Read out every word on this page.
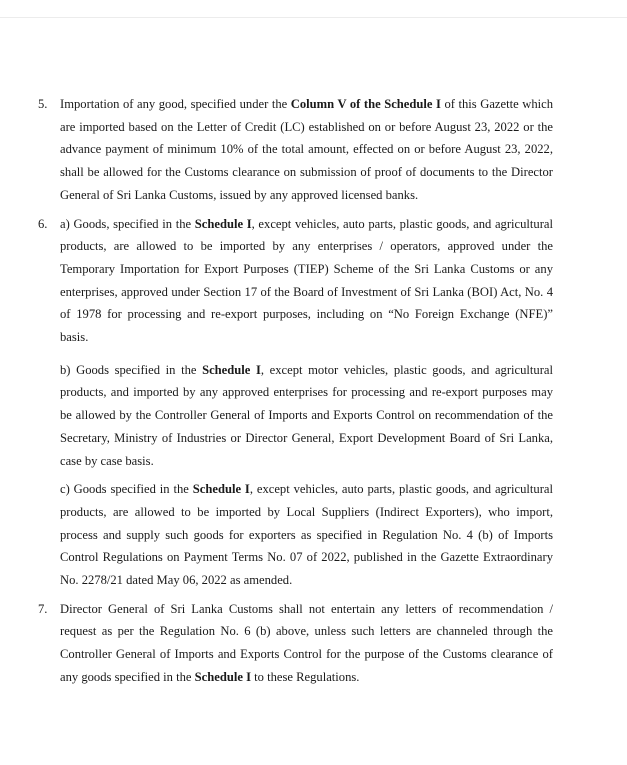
5. Importation of any good, specified under the Column V of the Schedule I of this Gazette which are imported based on the Letter of Credit (LC) established on or before August 23, 2022 or the advance payment of minimum 10% of the total amount, effected on or before August 23, 2022, shall be allowed for the Customs clearance on submission of proof of documents to the Director General of Sri Lanka Customs, issued by any approved licensed banks.
6. a) Goods, specified in the Schedule I, except vehicles, auto parts, plastic goods, and agricultural products, are allowed to be imported by any enterprises / operators, approved under the Temporary Importation for Export Purposes (TIEP) Scheme of the Sri Lanka Customs or any enterprises, approved under Section 17 of the Board of Investment of Sri Lanka (BOI) Act, No. 4 of 1978 for processing and re-export purposes, including on “No Foreign Exchange (NFE)” basis.

b) Goods specified in the Schedule I, except motor vehicles, plastic goods, and agricultural products, and imported by any approved enterprises for processing and re-export purposes may be allowed by the Controller General of Imports and Exports Control on recommendation of the Secretary, Ministry of Industries or Director General, Export Development Board of Sri Lanka, case by case basis.

c) Goods specified in the Schedule I, except vehicles, auto parts, plastic goods, and agricultural products, are allowed to be imported by Local Suppliers (Indirect Exporters), who import, process and supply such goods for exporters as specified in Regulation No. 4 (b) of Imports Control Regulations on Payment Terms No. 07 of 2022, published in the Gazette Extraordinary No. 2278/21 dated May 06, 2022 as amended.

7. Director General of Sri Lanka Customs shall not entertain any letters of recommendation / request as per the Regulation No. 6 (b) above, unless such letters are channeled through the Controller General of Imports and Exports Control for the purpose of the Customs clearance of any goods specified in the Schedule I to these Regulations.
